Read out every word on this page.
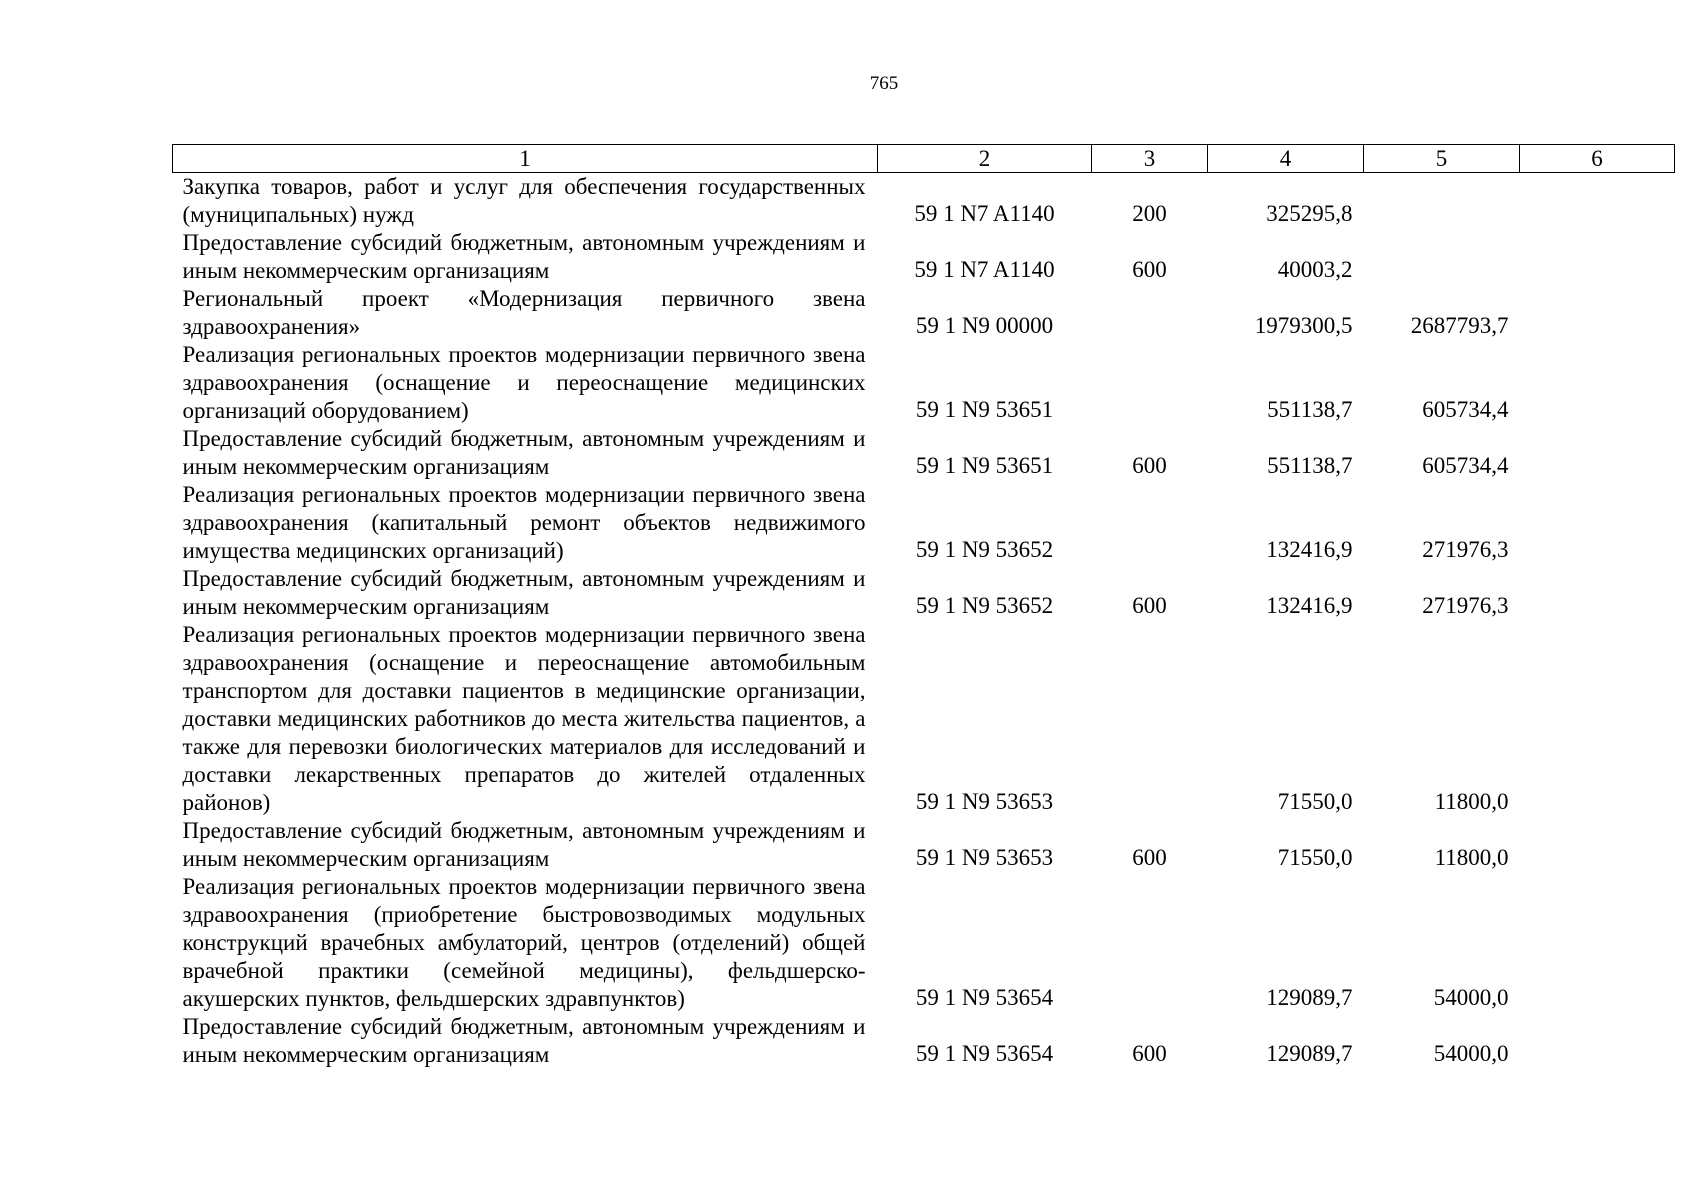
765
1	2	3	4	5	6
Закупка товаров, работ и услуг для обеспечения государственных (муниципальных) нужд	59 1 N7 A1140	200	325295,8		
Предоставление субсидий бюджетным, автономным учреждениям и иным некоммерческим организациям	59 1 N7 A1140	600	40003,2		
Региональный проект «Модернизация первичного звена здравоохранения»	59 1 N9 00000		1979300,5	2687793,7	
Реализация региональных проектов модернизации первичного звена здравоохранения (оснащение и переоснащение медицинских организаций оборудованием)	59 1 N9 53651		551138,7	605734,4	
Предоставление субсидий бюджетным, автономным учреждениям и иным некоммерческим организациям	59 1 N9 53651	600	551138,7	605734,4	
Реализация региональных проектов модернизации первичного звена здравоохранения (капитальный ремонт объектов недвижимого имущества медицинских организаций)	59 1 N9 53652		132416,9	271976,3	
Предоставление субсидий бюджетным, автономным учреждениям и иным некоммерческим организациям	59 1 N9 53652	600	132416,9	271976,3	
Реализация региональных проектов модернизации первичного звена здравоохранения (оснащение и переоснащение автомобильным транспортом для доставки пациентов в медицинские организации, доставки медицинских работников до места жительства пациентов, а также для перевозки биологических материалов для исследований и доставки лекарственных препаратов до жителей отдаленных районов)	59 1 N9 53653		71550,0	11800,0	
Предоставление субсидий бюджетным, автономным учреждениям и иным некоммерческим организациям	59 1 N9 53653	600	71550,0	11800,0	
Реализация региональных проектов модернизации первичного звена здравоохранения (приобретение быстровозводимых модульных конструкций врачебных амбулаторий, центров (отделений) общей врачебной практики (семейной медицины), фельдшерско-акушерских пунктов, фельдшерских здравпунктов)	59 1 N9 53654		129089,7	54000,0	
Предоставление субсидий бюджетным, автономным учреждениям и иным некоммерческим организациям	59 1 N9 53654	600	129089,7	54000,0	
